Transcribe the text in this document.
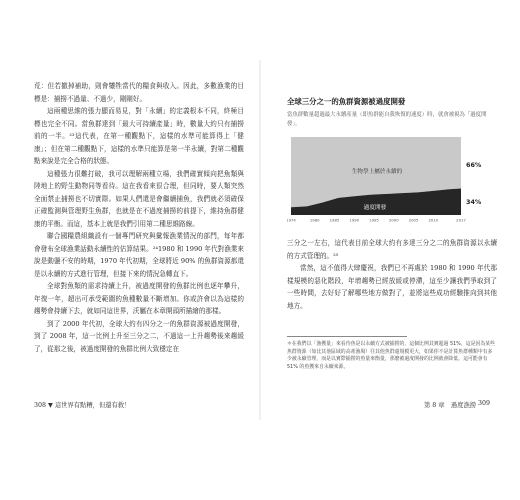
荒：但若撤掉補助，則會犧牲當代的糧食與收入。因此，多數漁業的目標是：捕撈不過量、不過少，剛剛好。

這兩種思維的張力顯而易見，對「永續」的定義根本不同，終極目標也完全不同。當魚群達到「最大可持續產量」時，數量大約只有捕撈前的一半。²³這代表，在第一種觀點下，這樣的水準可能算得上「健康」；但在第二種觀點下，這樣的水準只能算是第一半永續，對第二種觀點來說是完全合格的狀態。

這種張力很難打破，我可以理解兩種立場，我們確實傾向把魚類與陸地上的野生動物同等看待。這在我看來很合理，但同時，要人類突然全面禁止捕撈也不切實際。如果人們還是會繼續捕魚，我們就必須確保正確監測與管理野生魚群，也就是在不過度捕撈的前提下，維持魚群健康的平衡。而這，基本上就是我們引用第二種思維路線。

聯合國糧農組織設有一個專門研究與彙報漁業情況的部門，每年都會發布全球漁業話動永續性的估算結果。²⁴1980 和 1990 年代對漁業來說是動盪不安的時期，1970 年代初期，全球將近 90% 的魚群資源都還是以永續的方式進行管理，但接下來的情況急轉直下。

全球對魚類的需求持續上升，被過度開發的魚群比例也逐年攀升，年復一年，超出可承受範圍的魚種數量不斷增加。你或許會以為這樣的趨勢會持續下去，就如同這世界，沃屬在本章開頭所描繪的那樣。

到了 2000 年代初，全球大約有四分之一的魚群資源被過度開發，到了 2008 年，這一比例上升至三分之二，不過這一上升趨勢後來趨緩了，從那之後，被過度開發的魚群比例大致穩定在

308 ▼ 這世界有點糟，但還有救！

全球三分之一的魚群資源被過度開發

當魚群數量超過最大永續產量（即魚群能自我恢復的速度）時，就會被視為「過度開發」。

生物學上屬於永續的
過度開發
66%
34%
1974	1980	1985	1990	1995	2000	2005	2010	2017

三分之一左右，這代表目前全球大約有多達三分之二的魚群資源以永續的方式管理的。²⁵

當然，這不值得大肆慶祝，我們已不再處於 1980 和 1990 年代那樣規模的惡化階段，年增趨勢已經放緩或停滯，這至少讓我們爭取到了一些時間，去好好了解哪些地方做對了，並將這些成功經驗推向到其他地方。

＊在我們以「漁獲量」來看待魚是以永續方式被捕撈的，這個比例其實超過 51%，這是因為某些魚群資源（如比其他區域的高產漁場）往其他魚群還規模更大，如果你不是計算魚群種類中有多少被永續管理，而是以實際捕撈的魚量來衡量，那麼被過度開發的比例就會降低，這可能會有 51% 的魚獲來自永續來源。

第 8 章　過度漁撈 309
